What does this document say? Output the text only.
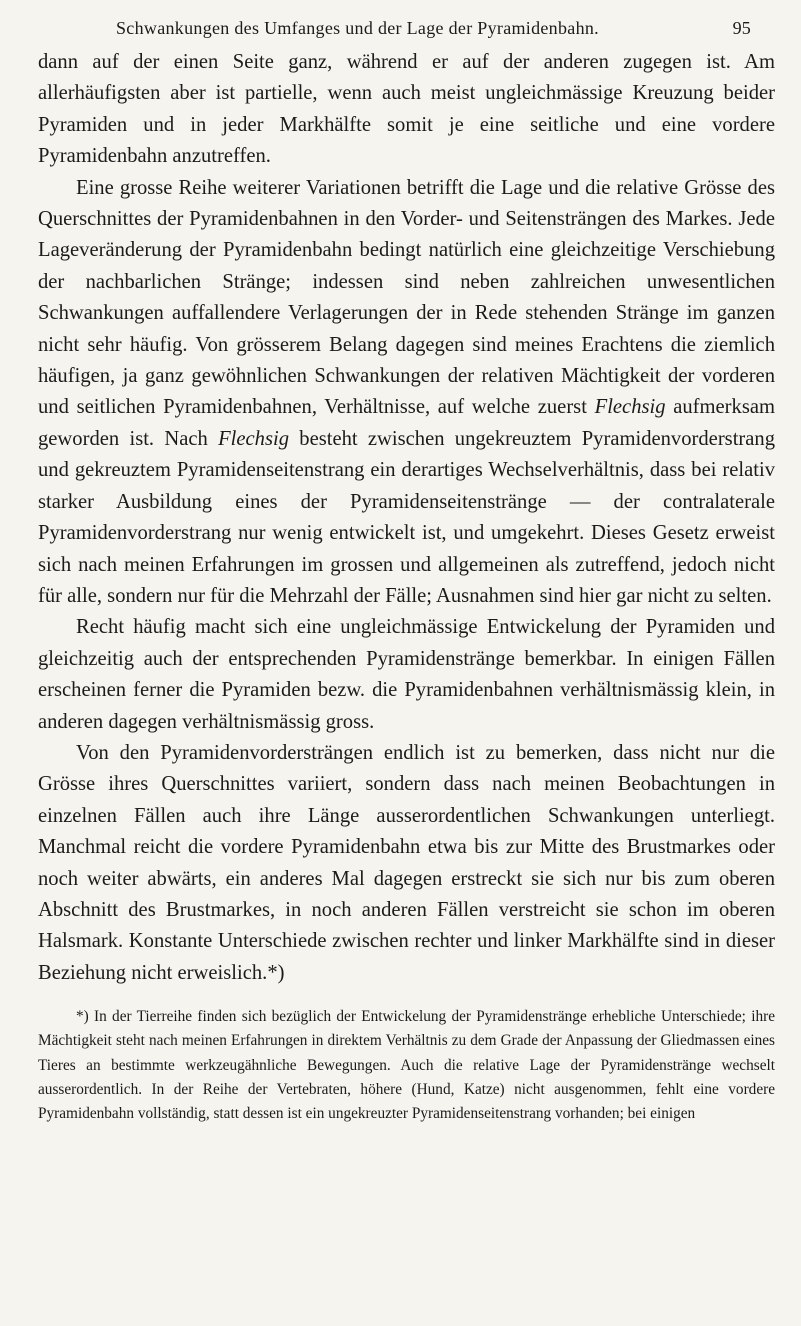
Schwankungen des Umfanges und der Lage der Pyramidenbahn.	95

dann auf der einen Seite ganz, während er auf der anderen zugegen ist. Am allerhäufigsten aber ist partielle, wenn auch meist ungleichmässige Kreuzung beider Pyramiden und in jeder Markhälfte somit je eine seitliche und eine vordere Pyramidenbahn anzutreffen.

Eine grosse Reihe weiterer Variationen betrifft die Lage und die relative Grösse des Querschnittes der Pyramidenbahnen in den Vorder- und Seitensträngen des Markes. Jede Lageveränderung der Pyramidenbahn bedingt natürlich eine gleichzeitige Verschiebung der nachbarlichen Stränge; indessen sind neben zahlreichen unwesentlichen Schwankungen auffallendere Verlagerungen der in Rede stehenden Stränge im ganzen nicht sehr häufig. Von grösserem Belang dagegen sind meines Erachtens die ziemlich häufigen, ja ganz gewöhnlichen Schwankungen der relativen Mächtigkeit der vorderen und seitlichen Pyramidenbahnen, Verhältnisse, auf welche zuerst Flechsig aufmerksam geworden ist. Nach Flechsig besteht zwischen ungekreuztem Pyramidenvorderstrang und gekreuztem Pyramidenseitenstrang ein derartiges Wechselverhältnis, dass bei relativ starker Ausbildung eines der Pyramidenseitenstränge — der contralaterale Pyramidenvorderstrang nur wenig entwickelt ist, und umgekehrt. Dieses Gesetz erweist sich nach meinen Erfahrungen im grossen und allgemeinen als zutreffend, jedoch nicht für alle, sondern nur für die Mehrzahl der Fälle; Ausnahmen sind hier gar nicht zu selten.

Recht häufig macht sich eine ungleichmässige Entwickelung der Pyramiden und gleichzeitig auch der entsprechenden Pyramidenstränge bemerkbar. In einigen Fällen erscheinen ferner die Pyramiden bezw. die Pyramidenbahnen verhältnismässig klein, in anderen dagegen verhältnismässig gross.

Von den Pyramidenvordersträngen endlich ist zu bemerken, dass nicht nur die Grösse ihres Querschnittes variiert, sondern dass nach meinen Beobachtungen in einzelnen Fällen auch ihre Länge ausserordentlichen Schwankungen unterliegt. Manchmal reicht die vordere Pyramidenbahn etwa bis zur Mitte des Brustmarkes oder noch weiter abwärts, ein anderes Mal dagegen erstreckt sie sich nur bis zum oberen Abschnitt des Brustmarkes, in noch anderen Fällen verstreicht sie schon im oberen Halsmark. Konstante Unterschiede zwischen rechter und linker Markhälfte sind in dieser Beziehung nicht erweislich.*)

*) In der Tierreihe finden sich bezüglich der Entwickelung der Pyramidenstränge erhebliche Unterschiede; ihre Mächtigkeit steht nach meinen Erfahrungen in direktem Verhältnis zu dem Grade der Anpassung der Gliedmassen eines Tieres an bestimmte werkzeugähnliche Bewegungen. Auch die relative Lage der Pyramidenstränge wechselt ausserordentlich. In der Reihe der Vertebraten, höhere (Hund, Katze) nicht ausgenommen, fehlt eine vordere Pyramidenbahn vollständig, statt dessen ist ein ungekreuzter Pyramidenseitenstrang vorhanden; bei einigen
